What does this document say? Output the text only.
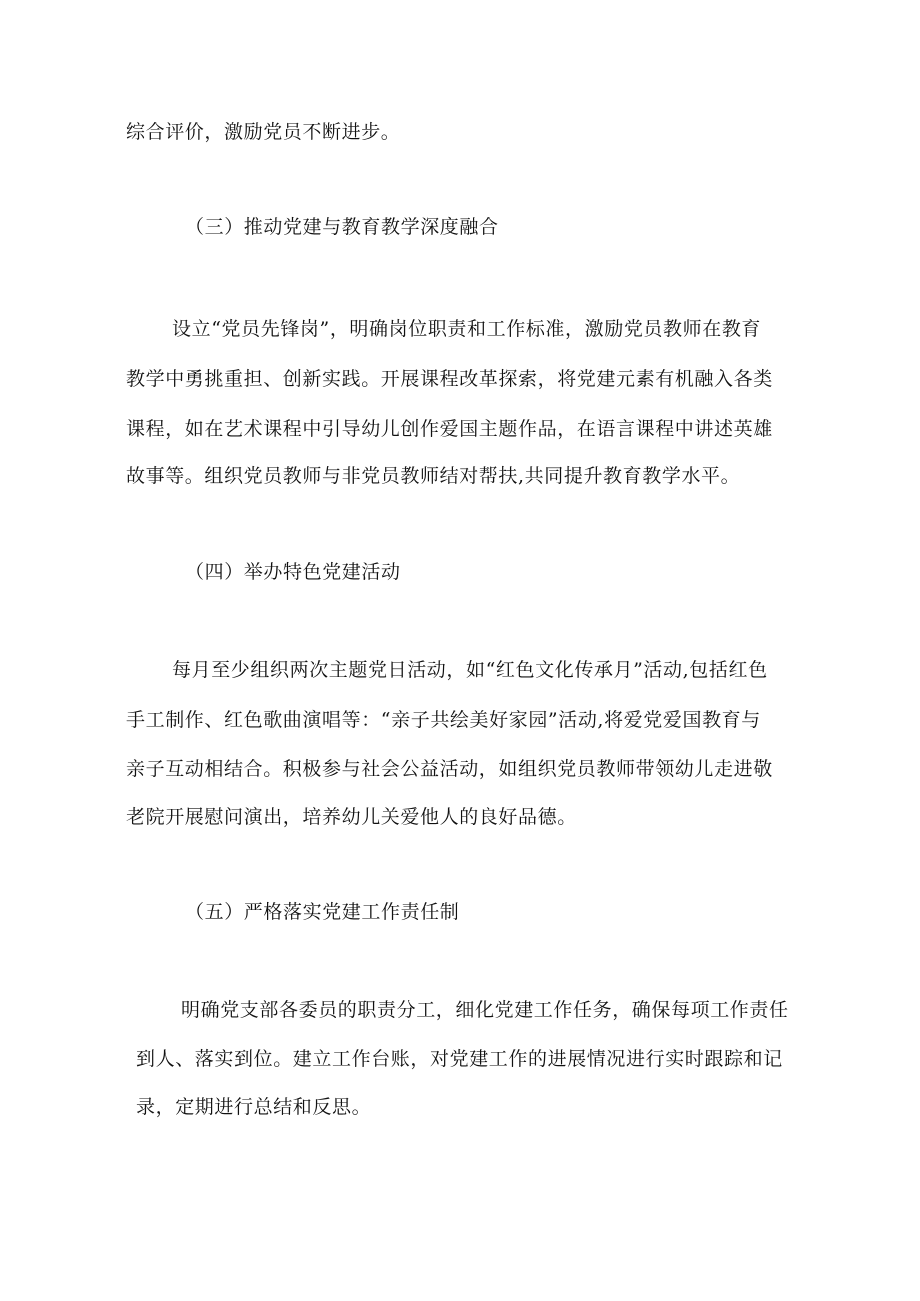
综合评价，激励党员不断进步。
（三）推动党建与教育教学深度融合
设立“党员先锋岗”，明确岗位职责和工作标准，激励党员教师在教育
教学中勇挑重担、创新实践。开展课程改革探索，将党建元素有机融入各类
课程，如在艺术课程中引导幼儿创作爱国主题作品，在语言课程中讲述英雄
故事等。组织党员教师与非党员教师结对帮扶,共同提升教育教学水平。
（四）举办特色党建活动
每月至少组织两次主题党日活动，如“红色文化传承月”活动,包括红色
手工制作、红色歌曲演唱等：“亲子共绘美好家园”活动,将爱党爱国教育与
亲子互动相结合。积极参与社会公益活动，如组织党员教师带领幼儿走进敬
老院开展慰问演出，培养幼儿关爱他人的良好品德。
（五）严格落实党建工作责任制
明确党支部各委员的职责分工，细化党建工作任务，确保每项工作责任
到人、落实到位。建立工作台账，对党建工作的进展情况进行实时跟踪和记
录，定期进行总结和反思。
